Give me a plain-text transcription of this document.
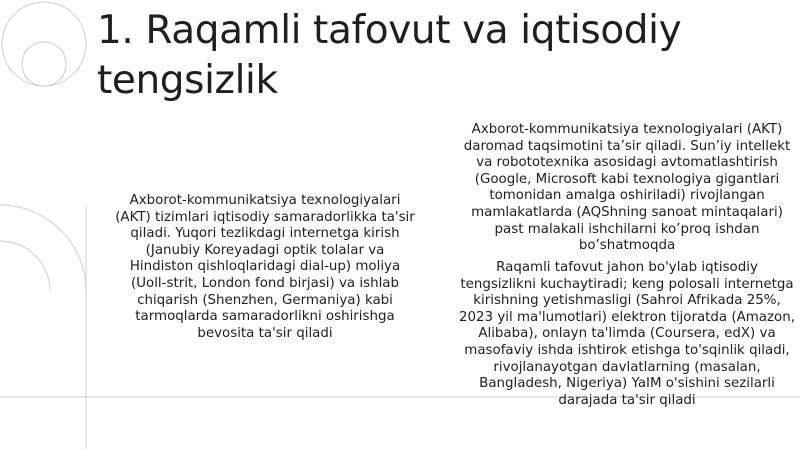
1. Raqamli tafovut va iqtisodiy tengsizlik

Axborot-kommunikatsiya texnologiyalari (AKT) tizimlari iqtisodiy samaradorlikka ta'sir qiladi. Yuqori tezlikdagi internetga kirish (Janubiy Koreyadagi optik tolalar va Hindiston qishloqlaridagi dial-up) moliya (Uoll-strit, London fond birjasi) va ishlab chiqarish (Shenzhen, Germaniya) kabi tarmoqlarda samaradorlikni oshirishga bevosita ta'sir qiladi

Axborot-kommunikatsiya texnologiyalari (AKT) daromad taqsimotini ta’sir qiladi. Sun’iy intellekt va robototexnika asosidagi avtomatlashtirish (Google, Microsoft kabi texnologiya gigantlari tomonidan amalga oshiriladi) rivojlangan mamlakatlarda (AQShning sanoat mintaqalari) past malakali ishchilarni ko’proq ishdan bo’shatmoqda

Raqamli tafovut jahon bo'ylab iqtisodiy tengsizlikni kuchaytiradi; keng polosali internetga kirishning yetishmasligi (Sahroi Afrikada 25%, 2023 yil ma'lumotlari) elektron tijoratda (Amazon, Alibaba), onlayn ta'limda (Coursera, edX) va masofaviy ishda ishtirok etishga to'sqinlik qiladi, rivojlanayotgan davlatlarning (masalan, Bangladesh, Nigeriya) YaIM o'sishini sezilarli darajada ta'sir qiladi
